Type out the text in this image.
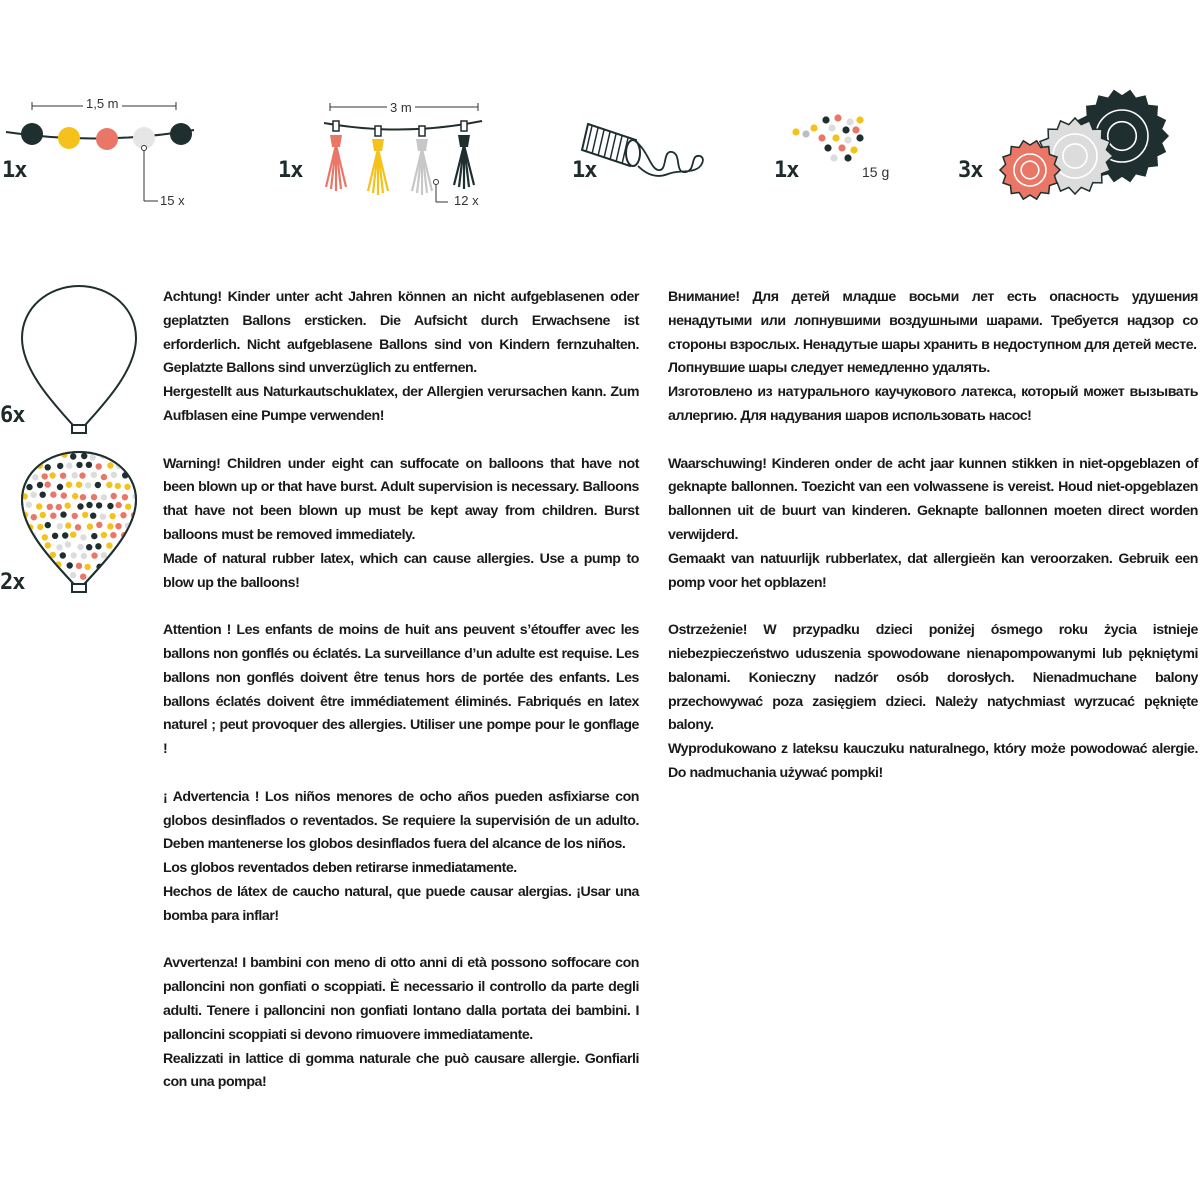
1,5 m
15 x
1x
3 m
12 x
1x	1x	15 g
1x	3x
6x
2x
Achtung! Kinder unter acht Jahren können an nicht aufgeblasenen oder geplatzten Ballons ersticken. Die Aufsicht durch Erwachsene ist erforderlich. Nicht aufgeblasene Ballons sind von Kindern fernzuhalten. Geplatzte Ballons sind unverzüglich zu entfernen.
Hergestellt aus Naturkautschuklatex, der Allergien verursachen kann. Zum Aufblasen eine Pumpe verwenden!
Warning! Children under eight can suffocate on balloons that have not been blown up or that have burst. Adult supervision is necessary. Balloons that have not been blown up must be kept away from children. Burst balloons must be removed immediately.
Made of natural rubber latex, which can cause allergies. Use a pump to blow up the balloons!
Attention ! Les enfants de moins de huit ans peuvent s’étouffer avec les ballons non gonflés ou éclatés. La surveillance d’un adulte est requise. Les ballons non gonflés doivent être tenus hors de portée des enfants. Les ballons éclatés doivent être immédiatement éliminés. Fabriqués en latex naturel ; peut provoquer des allergies. Utiliser une pompe pour le gonflage !
¡ Advertencia ! Los niños menores de ocho años pueden asfixiarse con globos desinflados o reventados. Se requiere la supervisión de un adulto. Deben mantenerse los globos desinflados fuera del alcance de los niños.
Los globos reventados deben retirarse inmediatamente.
Hechos de látex de caucho natural, que puede causar alergias. ¡Usar una bomba para inflar!
Avvertenza! I bambini con meno di otto anni di età possono soffocare con palloncini non gonfiati o scoppiati. È necessario il controllo da parte degli adulti. Tenere i palloncini non gonfiati lontano dalla portata dei bambini. I palloncini scoppiati si devono rimuovere immediatamente.
Realizzati in lattice di gomma naturale che può causare allergie. Gonfiarli con una pompa!
Внимание! Для детей младше восьми лет есть опасность удушения ненадутыми или лопнувшими воздушными шарами. Требуется надзор со стороны взрослых. Ненадутые шары хранить в недоступном для детей месте.
Лопнувшие шары следует немедленно удалять.
Изготовлено из натурального каучукового латекса, который может вызывать аллергию. Для надувания шаров использовать насос!
Waarschuwing! Kinderen onder de acht jaar kunnen stikken in niet-opgeblazen of geknapte ballonnen. Toezicht van een volwassene is vereist. Houd niet-opgeblazen ballonnen uit de buurt van kinderen. Geknapte ballonnen moeten direct worden verwijderd.
Gemaakt van natuurlijk rubberlatex, dat allergieën kan veroorzaken. Gebruik een pomp voor het opblazen!
Ostrzeżenie! W przypadku dzieci poniżej ósmego roku życia istnieje niebezpieczeństwo uduszenia spowodowane nienapompowanymi lub pękniętymi balonami. Konieczny nadzór osób dorosłych. Nienadmuchane balony przechowywać poza zasięgiem dzieci. Należy natychmiast wyrzucać pęknięte balony.
Wyprodukowano z lateksu kauczuku naturalnego, który może powodować alergie. Do nadmuchania używać pompki!
